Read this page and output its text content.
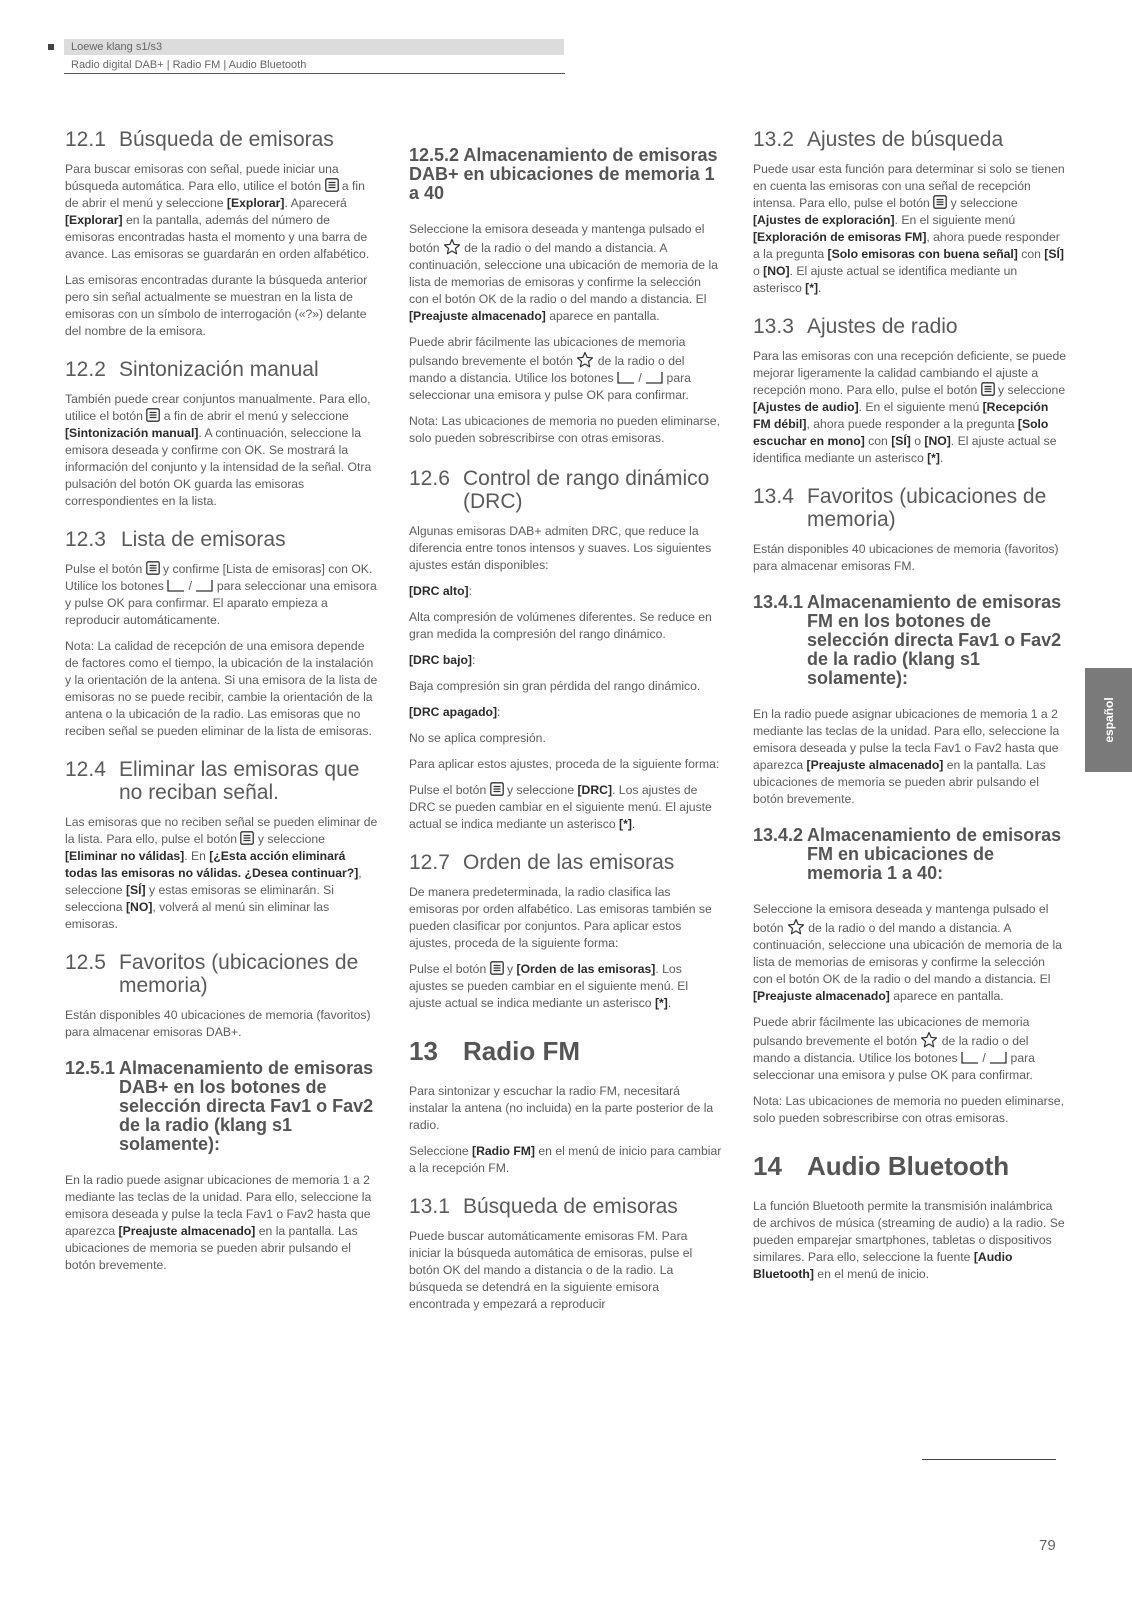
Loewe klang s1/s3
Radio digital DAB+ | Radio FM | Audio Bluetooth
12.1 Búsqueda de emisoras

Para buscar emisoras con señal, puede iniciar una búsqueda automática. Para ello, utilice el botón  a fin de abrir el menú y seleccione [Explorar]. Aparecerá [Explorar] en la pantalla, además del número de emisoras encontradas hasta el momento y una barra de avance. Las emisoras se guardarán en orden alfabético.

Las emisoras encontradas durante la búsqueda anterior pero sin señal actualmente se muestran en la lista de emisoras con un símbolo de interrogación («?») delante del nombre de la emisora.

12.2 Sintonización manual

También puede crear conjuntos manualmente. Para ello, utilice el botón  a fin de abrir el menú y seleccione [Sintonización manual]. A continuación, seleccione la emisora deseada y confirme con OK. Se mostrará la información del conjunto y la intensidad de la señal. Otra pulsación del botón OK guarda las emisoras correspondientes en la lista.

12.3 Lista de emisoras

Pulse el botón  y confirme [Lista de emisoras] con OK. Utilice los botones  /  para seleccionar una emisora y pulse OK para confirmar. El aparato empieza a reproducir automáticamente.

Nota: La calidad de recepción de una emisora depende de factores como el tiempo, la ubicación de la instalación y la orientación de la antena. Si una emisora de la lista de emisoras no se puede recibir, cambie la orientación de la antena o la ubicación de la radio. Las emisoras que no reciben señal se pueden eliminar de la lista de emisoras.

12.4 Eliminar las emisoras que no reciban señal.

Las emisoras que no reciben señal se pueden eliminar de la lista. Para ello, pulse el botón  y seleccione [Eliminar no válidas]. En [¿Esta acción eliminará todas las emisoras no válidas. ¿Desea continuar?], seleccione [SÍ] y estas emisoras se eliminarán. Si selecciona [NO], volverá al menú sin eliminar las emisoras.

12.5 Favoritos (ubicaciones de memoria)

Están disponibles 40 ubicaciones de memoria (favoritos) para almacenar emisoras DAB+.

12.5.1 Almacenamiento de emisoras DAB+ en los botones de selección directa Fav1 o Fav2 de la radio (klang s1 solamente):

En la radio puede asignar ubicaciones de memoria 1 a 2 mediante las teclas de la unidad. Para ello, seleccione la emisora deseada y pulse la tecla Fav1 o Fav2 hasta que aparezca [Preajuste almacenado] en la pantalla. Las ubicaciones de memoria se pueden abrir pulsando el botón brevemente.

12.5.2 Almacenamiento de emisoras DAB+ en ubicaciones de memoria 1 a 40

Seleccione la emisora deseada y mantenga pulsado el botón  de la radio o del mando a distancia. A continuación, seleccione una ubicación de memoria de la lista de memorias de emisoras y confirme la selección con el botón OK de la radio o del mando a distancia. El [Preajuste almacenado] aparece en pantalla.

Puede abrir fácilmente las ubicaciones de memoria pulsando brevemente el botón  de la radio o del mando a distancia. Utilice los botones  /  para seleccionar una emisora y pulse OK para confirmar.

Nota: Las ubicaciones de memoria no pueden eliminarse, solo pueden sobrescribirse con otras emisoras.

12.6 Control de rango dinámico (DRC)

Algunas emisoras DAB+ admiten DRC, que reduce la diferencia entre tonos intensos y suaves. Los siguientes ajustes están disponibles:

[DRC alto]:

Alta compresión de volúmenes diferentes. Se reduce en gran medida la compresión del rango dinámico.

[DRC bajo]:

Baja compresión sin gran pérdida del rango dinámico.

[DRC apagado]:

No se aplica compresión.

Para aplicar estos ajustes, proceda de la siguiente forma:

Pulse el botón  y seleccione [DRC]. Los ajustes de DRC se pueden cambiar en el siguiente menú. El ajuste actual se indica mediante un asterisco [*].

12.7 Orden de las emisoras

De manera predeterminada, la radio clasifica las emisoras por orden alfabético. Las emisoras también se pueden clasificar por conjuntos. Para aplicar estos ajustes, proceda de la siguiente forma:

Pulse el botón  y [Orden de las emisoras]. Los ajustes se pueden cambiar en el siguiente menú. El ajuste actual se indica mediante un asterisco [*].

13 Radio FM

Para sintonizar y escuchar la radio FM, necesitará instalar la antena (no incluida) en la parte posterior de la radio.

Seleccione [Radio FM] en el menú de inicio para cambiar a la recepción FM.

13.1 Búsqueda de emisoras

Puede buscar automáticamente emisoras FM. Para iniciar la búsqueda automática de emisoras, pulse el botón OK del mando a distancia o de la radio. La búsqueda se detendrá en la siguiente emisora encontrada y empezará a reproducir

13.2 Ajustes de búsqueda

Puede usar esta función para determinar si solo se tienen en cuenta las emisoras con una señal de recepción intensa. Para ello, pulse el botón  y seleccione [Ajustes de exploración]. En el siguiente menú [Exploración de emisoras FM], ahora puede responder a la pregunta [Solo emisoras con buena señal] con [SÍ] o [NO]. El ajuste actual se identifica mediante un asterisco [*].

13.3 Ajustes de radio

Para las emisoras con una recepción deficiente, se puede mejorar ligeramente la calidad cambiando el ajuste a recepción mono. Para ello, pulse el botón  y seleccione [Ajustes de audio]. En el siguiente menú [Recepción FM débil], ahora puede responder a la pregunta [Solo escuchar en mono] con [SÍ] o [NO]. El ajuste actual se identifica mediante un asterisco [*].

13.4 Favoritos (ubicaciones de memoria)

Están disponibles 40 ubicaciones de memoria (favoritos) para almacenar emisoras FM.

13.4.1 Almacenamiento de emisoras FM en los botones de selección directa Fav1 o Fav2 de la radio (klang s1 solamente):

En la radio puede asignar ubicaciones de memoria 1 a 2 mediante las teclas de la unidad. Para ello, seleccione la emisora deseada y pulse la tecla Fav1 o Fav2 hasta que aparezca [Preajuste almacenado] en la pantalla. Las ubicaciones de memoria se pueden abrir pulsando el botón brevemente.

13.4.2 Almacenamiento de emisoras FM en ubicaciones de memoria 1 a 40:

Seleccione la emisora deseada y mantenga pulsado el botón  de la radio o del mando a distancia. A continuación, seleccione una ubicación de memoria de la lista de memorias de emisoras y confirme la selección con el botón OK de la radio o del mando a distancia. El [Preajuste almacenado] aparece en pantalla.

Puede abrir fácilmente las ubicaciones de memoria pulsando brevemente el botón  de la radio o del mando a distancia. Utilice los botones  /  para seleccionar una emisora y pulse OK para confirmar.

Nota: Las ubicaciones de memoria no pueden eliminarse, solo pueden sobrescribirse con otras emisoras.

14 Audio Bluetooth

La función Bluetooth permite la transmisión inalámbrica de archivos de música (streaming de audio) a la radio. Se pueden emparejar smartphones, tabletas o dispositivos similares. Para ello, seleccione la fuente [Audio Bluetooth] en el menú de inicio.

español
79
